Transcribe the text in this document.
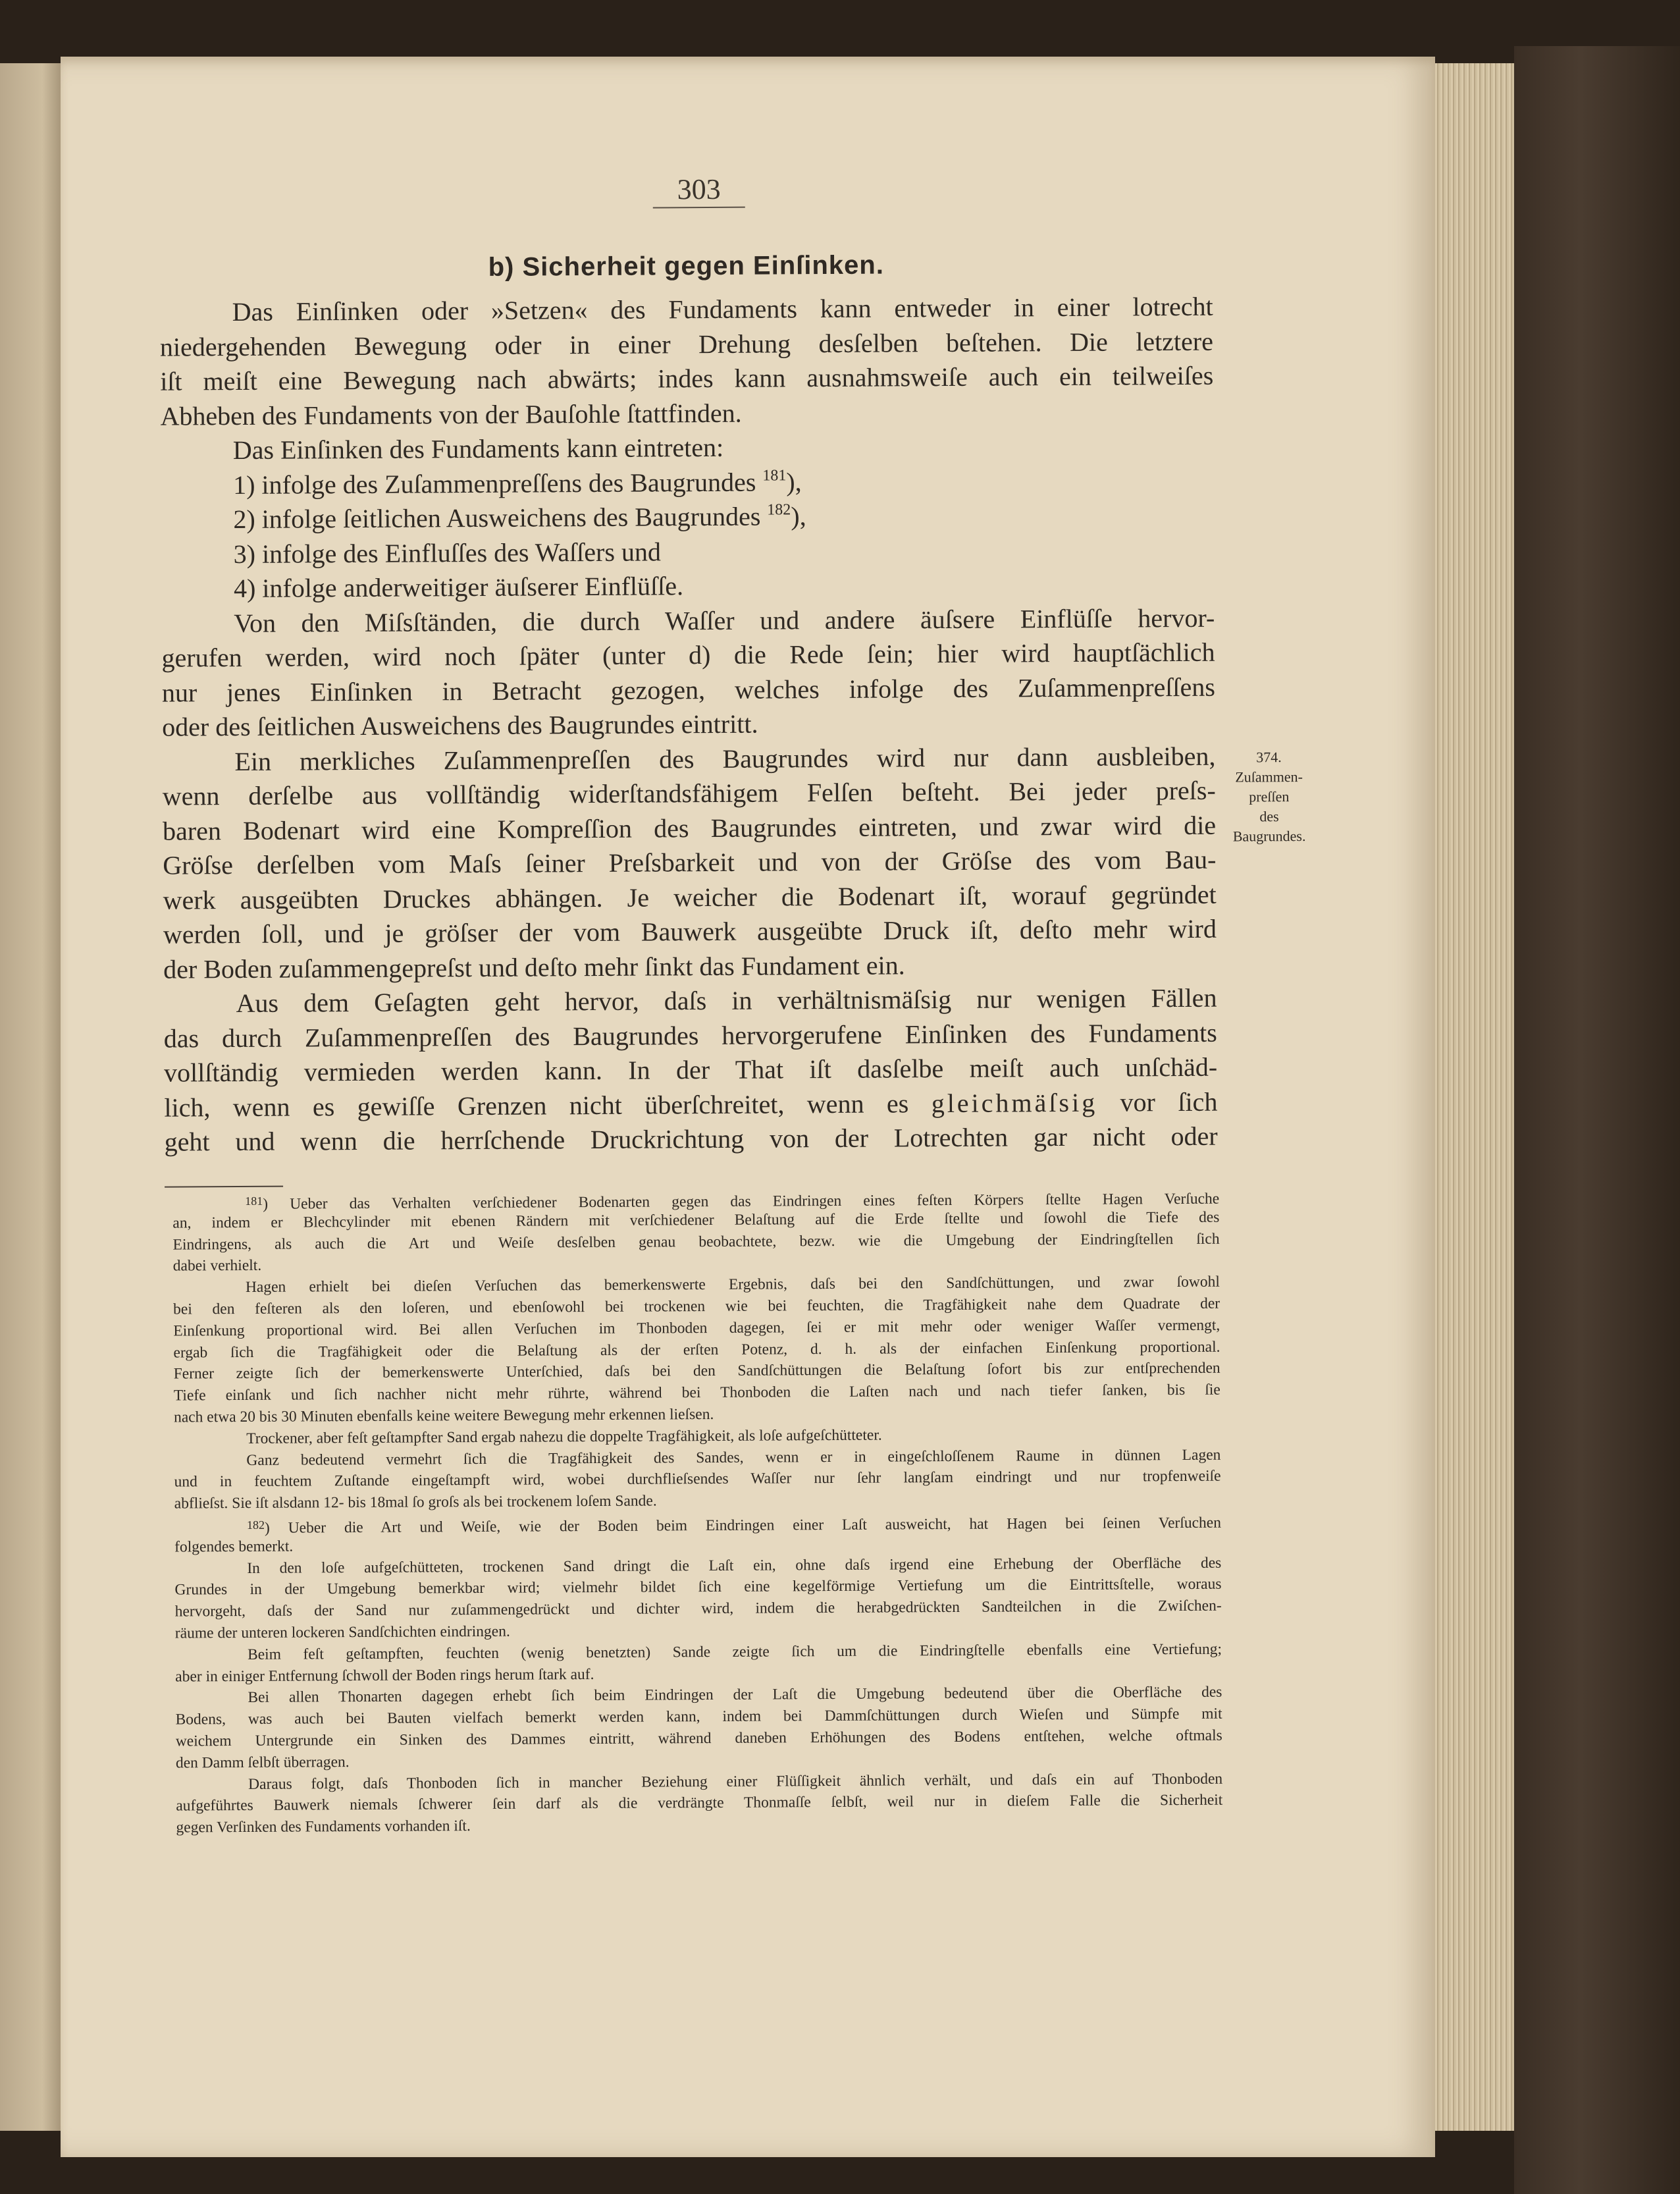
303
b) Sicherheit gegen Einſinken.
Das Einſinken oder »Setzen« des Fundaments kann entweder in einer lotrecht
niedergehenden Bewegung oder in einer Drehung desſelben beſtehen. Die letztere
iſt meiſt eine Bewegung nach abwärts; indes kann ausnahmsweiſe auch ein teilweiſes
Abheben des Fundaments von der Bauſohle ſtattfinden.
Das Einſinken des Fundaments kann eintreten:
1) infolge des Zuſammenpreſſens des Baugrundes $^{181}$),
2) infolge ſeitlichen Ausweichens des Baugrundes $^{182}$),
3) infolge des Einfluſſes des Waſſers und
4) infolge anderweitiger äuſserer Einflüſſe.
Von den Miſsſtänden, die durch Waſſer und andere äuſsere Einflüſſe hervor-
gerufen werden, wird noch ſpäter (unter d) die Rede ſein; hier wird hauptſächlich
nur jenes Einſinken in Betracht gezogen, welches infolge des Zuſammenpreſſens
oder des ſeitlichen Ausweichens des Baugrundes eintritt.
Ein merkliches Zuſammenpreſſen des Baugrundes wird nur dann ausbleiben,
wenn derſelbe aus vollſtändig widerſtandsfähigem Felſen beſteht. Bei jeder preſs-
baren Bodenart wird eine Kompreſſion des Baugrundes eintreten, und zwar wird die
Gröſse derſelben vom Maſs ſeiner Preſsbarkeit und von der Gröſse des vom Bau-
werk ausgeübten Druckes abhängen. Je weicher die Bodenart iſt, worauf gegründet
werden ſoll, und je gröſser der vom Bauwerk ausgeübte Druck iſt, deſto mehr wird
der Boden zuſammengepreſst und deſto mehr ſinkt das Fundament ein.
Aus dem Geſagten geht hervor, daſs in verhältnismäſsig nur wenigen Fällen
das durch Zuſammenpreſſen des Baugrundes hervorgerufene Einſinken des Fundaments
vollſtändig vermieden werden kann. In der That iſt dasſelbe meiſt auch unſchäd-
lich, wenn es gewiſſe Grenzen nicht überſchreitet, wenn es gleichmäſsig vor ſich
geht und wenn die herrſchende Druckrichtung von der Lotrechten gar nicht oder
374.
Zuſammen-
preſſen
des
Baugrundes.
$^{181}$) Ueber das Verhalten verſchiedener Bodenarten gegen das Eindringen eines feſten Körpers ſtellte Hagen Verſuche
an, indem er Blechcylinder mit ebenen Rändern mit verſchiedener Belaſtung auf die Erde ſtellte und ſowohl die Tiefe des
Eindringens, als auch die Art und Weiſe desſelben genau beobachtete, bezw. wie die Umgebung der Eindringſtellen ſich
dabei verhielt.
Hagen erhielt bei dieſen Verſuchen das bemerkenswerte Ergebnis, daſs bei den Sandſchüttungen, und zwar ſowohl
bei den feſteren als den loſeren, und ebenſowohl bei trockenen wie bei feuchten, die Tragfähigkeit nahe dem Quadrate der
Einſenkung proportional wird. Bei allen Verſuchen im Thonboden dagegen, ſei er mit mehr oder weniger Waſſer vermengt,
ergab ſich die Tragfähigkeit oder die Belaſtung als der erſten Potenz, d. h. als der einfachen Einſenkung proportional.
Ferner zeigte ſich der bemerkenswerte Unterſchied, daſs bei den Sandſchüttungen die Belaſtung ſofort bis zur entſprechenden
Tiefe einſank und ſich nachher nicht mehr rührte, während bei Thonboden die Laſten nach und nach tiefer ſanken, bis ſie
nach etwa 20 bis 30 Minuten ebenfalls keine weitere Bewegung mehr erkennen lieſsen.
Trockener, aber feſt geſtampfter Sand ergab nahezu die doppelte Tragfähigkeit, als loſe aufgeſchütteter.
Ganz bedeutend vermehrt ſich die Tragfähigkeit des Sandes, wenn er in eingeſchloſſenem Raume in dünnen Lagen
und in feuchtem Zuſtande eingeſtampft wird, wobei durchflieſsendes Waſſer nur ſehr langſam eindringt und nur tropfenweiſe
abflieſst. Sie iſt alsdann 12- bis 18mal ſo groſs als bei trockenem loſem Sande.
$^{182}$) Ueber die Art und Weiſe, wie der Boden beim Eindringen einer Laſt ausweicht, hat Hagen bei ſeinen Verſuchen
folgendes bemerkt.
In den loſe aufgeſchütteten, trockenen Sand dringt die Laſt ein, ohne daſs irgend eine Erhebung der Oberfläche des
Grundes in der Umgebung bemerkbar wird; vielmehr bildet ſich eine kegelförmige Vertiefung um die Eintrittsſtelle, woraus
hervorgeht, daſs der Sand nur zuſammengedrückt und dichter wird, indem die herabgedrückten Sandteilchen in die Zwiſchen-
räume der unteren lockeren Sandſchichten eindringen.
Beim feſt geſtampften, feuchten (wenig benetzten) Sande zeigte ſich um die Eindringſtelle ebenfalls eine Vertiefung;
aber in einiger Entfernung ſchwoll der Boden rings herum ſtark auf.
Bei allen Thonarten dagegen erhebt ſich beim Eindringen der Laſt die Umgebung bedeutend über die Oberfläche des
Bodens, was auch bei Bauten vielfach bemerkt werden kann, indem bei Dammſchüttungen durch Wieſen und Sümpfe mit
weichem Untergrunde ein Sinken des Dammes eintritt, während daneben Erhöhungen des Bodens entſtehen, welche oftmals
den Damm ſelbſt überragen.
Daraus folgt, daſs Thonboden ſich in mancher Beziehung einer Flüſſigkeit ähnlich verhält, und daſs ein auf Thonboden
aufgeführtes Bauwerk niemals ſchwerer ſein darf als die verdrängte Thonmaſſe ſelbſt, weil nur in dieſem Falle die Sicherheit
gegen Verſinken des Fundaments vorhanden iſt.
